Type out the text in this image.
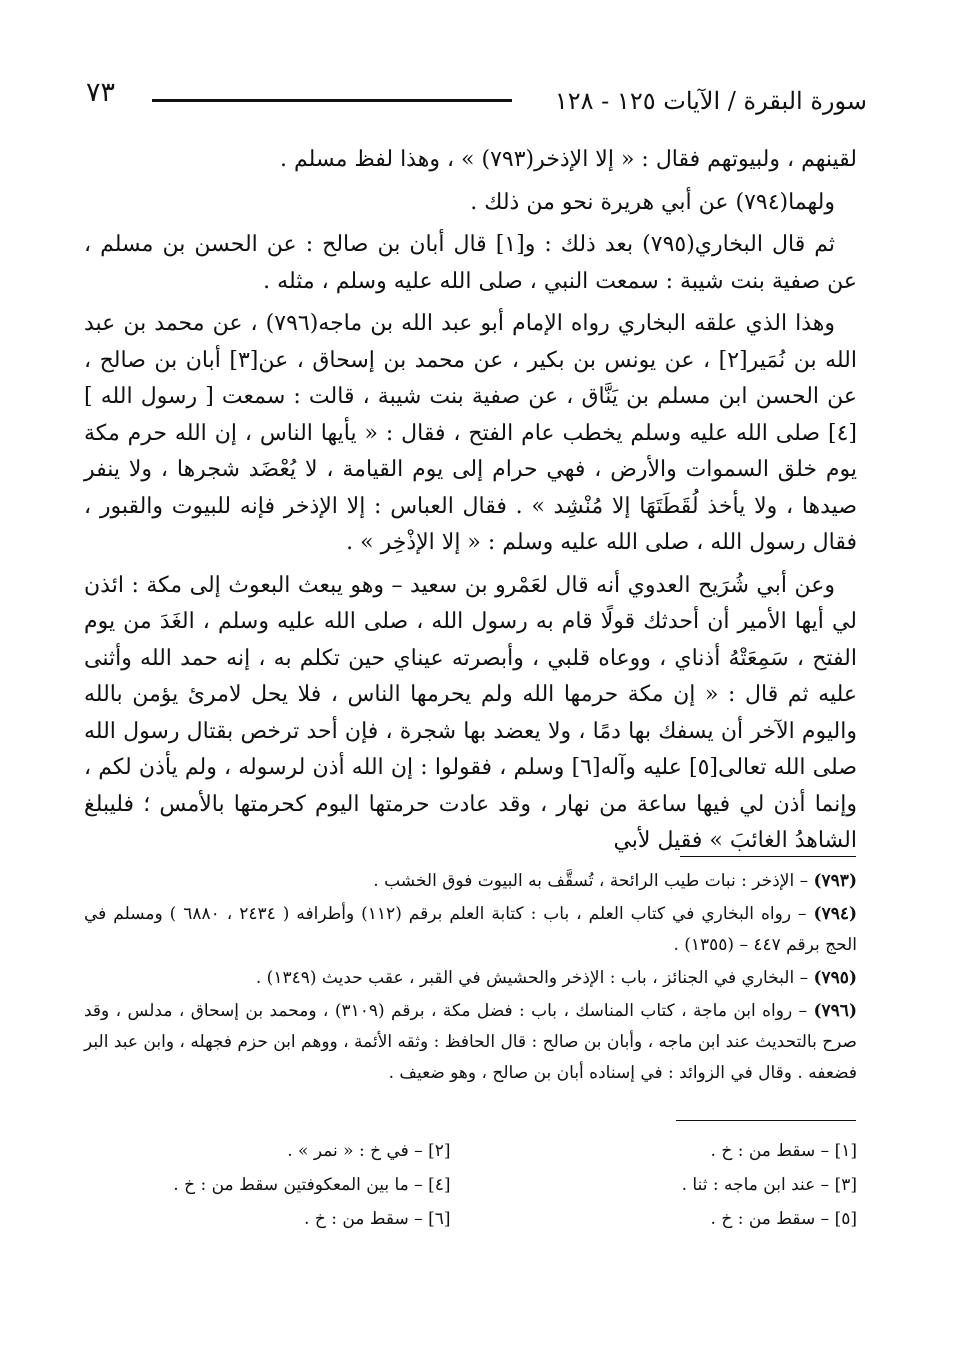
٧٣	سورة البقرة / الآيات ١٢٥ - ١٢٨

لقينهم ، ولبيوتهم فقال : « إلا الإذخر(٧٩٣) » ، وهذا لفظ مسلم .

ولهما(٧٩٤) عن أبي هريرة نحو من ذلك .

ثم قال البخاري(٧٩٥) بعد ذلك : و[١] قال أبان بن صالح : عن الحسن بن مسلم ، عن صفية بنت شيبة : سمعت النبي ، صلى الله عليه وسلم ، مثله .

وهذا الذي علقه البخاري رواه الإمام أبو عبد الله بن ماجه(٧٩٦) ، عن محمد بن عبد الله بن نُمَير[٢] ، عن يونس بن بكير ، عن محمد بن إسحاق ، عن[٣] أبان بن صالح ، عن الحسن ابن مسلم بن يَنَّاق ، عن صفية بنت شيبة ، قالت : سمعت [ رسول الله ][٤] صلى الله عليه وسلم يخطب عام الفتح ، فقال : « يأيها الناس ، إن الله حرم مكة يوم خلق السموات والأرض ، فهي حرام إلى يوم القيامة ، لا يُعْضَد شجرها ، ولا ينفر صيدها ، ولا يأخذ لُقَطَتَهَا إلا مُنْشِد » . فقال العباس : إلا الإذخر فإنه للبيوت والقبور ، فقال رسول الله ، صلى الله عليه وسلم : « إلا الإذْخِر » .

وعن أبي شُرَيح العدوي أنه قال لعَمْرو بن سعيد – وهو يبعث البعوث إلى مكة : ائذن لي أيها الأمير أن أحدثك قولًا قام به رسول الله ، صلى الله عليه وسلم ، الغَدَ من يوم الفتح ، سَمِعَتْهُ أذناي ، ووعاه قلبي ، وأبصرته عيناي حين تكلم به ، إنه حمد الله وأثنى عليه ثم قال : « إن مكة حرمها الله ولم يحرمها الناس ، فلا يحل لامرئ يؤمن بالله واليوم الآخر أن يسفك بها دمًا ، ولا يعضد بها شجرة ، فإن أحد ترخص بقتال رسول الله صلى الله تعالى[٥] عليه وآله[٦] وسلم ، فقولوا : إن الله أذن لرسوله ، ولم يأذن لكم ، وإنما أذن لي فيها ساعة من نهار ، وقد عادت حرمتها اليوم كحرمتها بالأمس ؛ فليبلغ الشاهدُ الغائبَ » فقيل لأبي

(٧٩٣) – الإذخر : نبات طيب الرائحة ، تُسقَّف به البيوت فوق الخشب .

(٧٩٤) – رواه البخاري في كتاب العلم ، باب : كتابة العلم برقم (١١٢) وأطرافه ( ٢٤٣٤ ، ٦٨٨٠ ) ومسلم في الحج برقم ٤٤٧ – (١٣٥٥) .

(٧٩٥) – البخاري في الجنائز ، باب : الإذخر والحشيش في القبر ، عقب حديث (١٣٤٩) .

(٧٩٦) – رواه ابن ماجة ، كتاب المناسك ، باب : فضل مكة ، برقم (٣١٠٩) ، ومحمد بن إسحاق ، مدلس ، وقد صرح بالتحديث عند ابن ماجه ، وأبان بن صالح : قال الحافظ : وثقه الأئمة ، ووهم ابن حزم فجهله ، وابن عبد البر فضعفه . وقال في الزوائد : في إسناده أبان بن صالح ، وهو ضعيف .

[١] – سقط من : خ .
[٢] – في خ : « نمر » .
[٣] – عند ابن ماجه : ثنا .
[٤] – ما بين المعكوفتين سقط من : خ .
[٥] – سقط من : خ .
[٦] – سقط من : خ .
